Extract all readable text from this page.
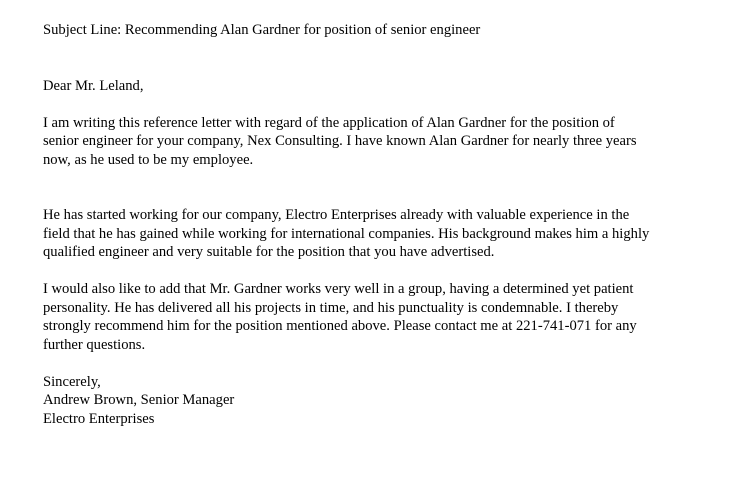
Subject Line: Recommending Alan Gardner for position of senior engineer
Dear Mr. Leland,
I am writing this reference letter with regard of the application of Alan Gardner for the position of
senior engineer for your company, Nex Consulting. I have known Alan Gardner for nearly three years
now, as he used to be my employee.
He has started working for our company, Electro Enterprises already with valuable experience in the
field that he has gained while working for international companies. His background makes him a highly
qualified engineer and very suitable for the position that you have advertised.
I would also like to add that Mr. Gardner works very well in a group, having a determined yet patient
personality. He has delivered all his projects in time, and his punctuality is condemnable. I thereby
strongly recommend him for the position mentioned above. Please contact me at 221-741-071 for any
further questions.
Sincerely,
Andrew Brown, Senior Manager
Electro Enterprises
